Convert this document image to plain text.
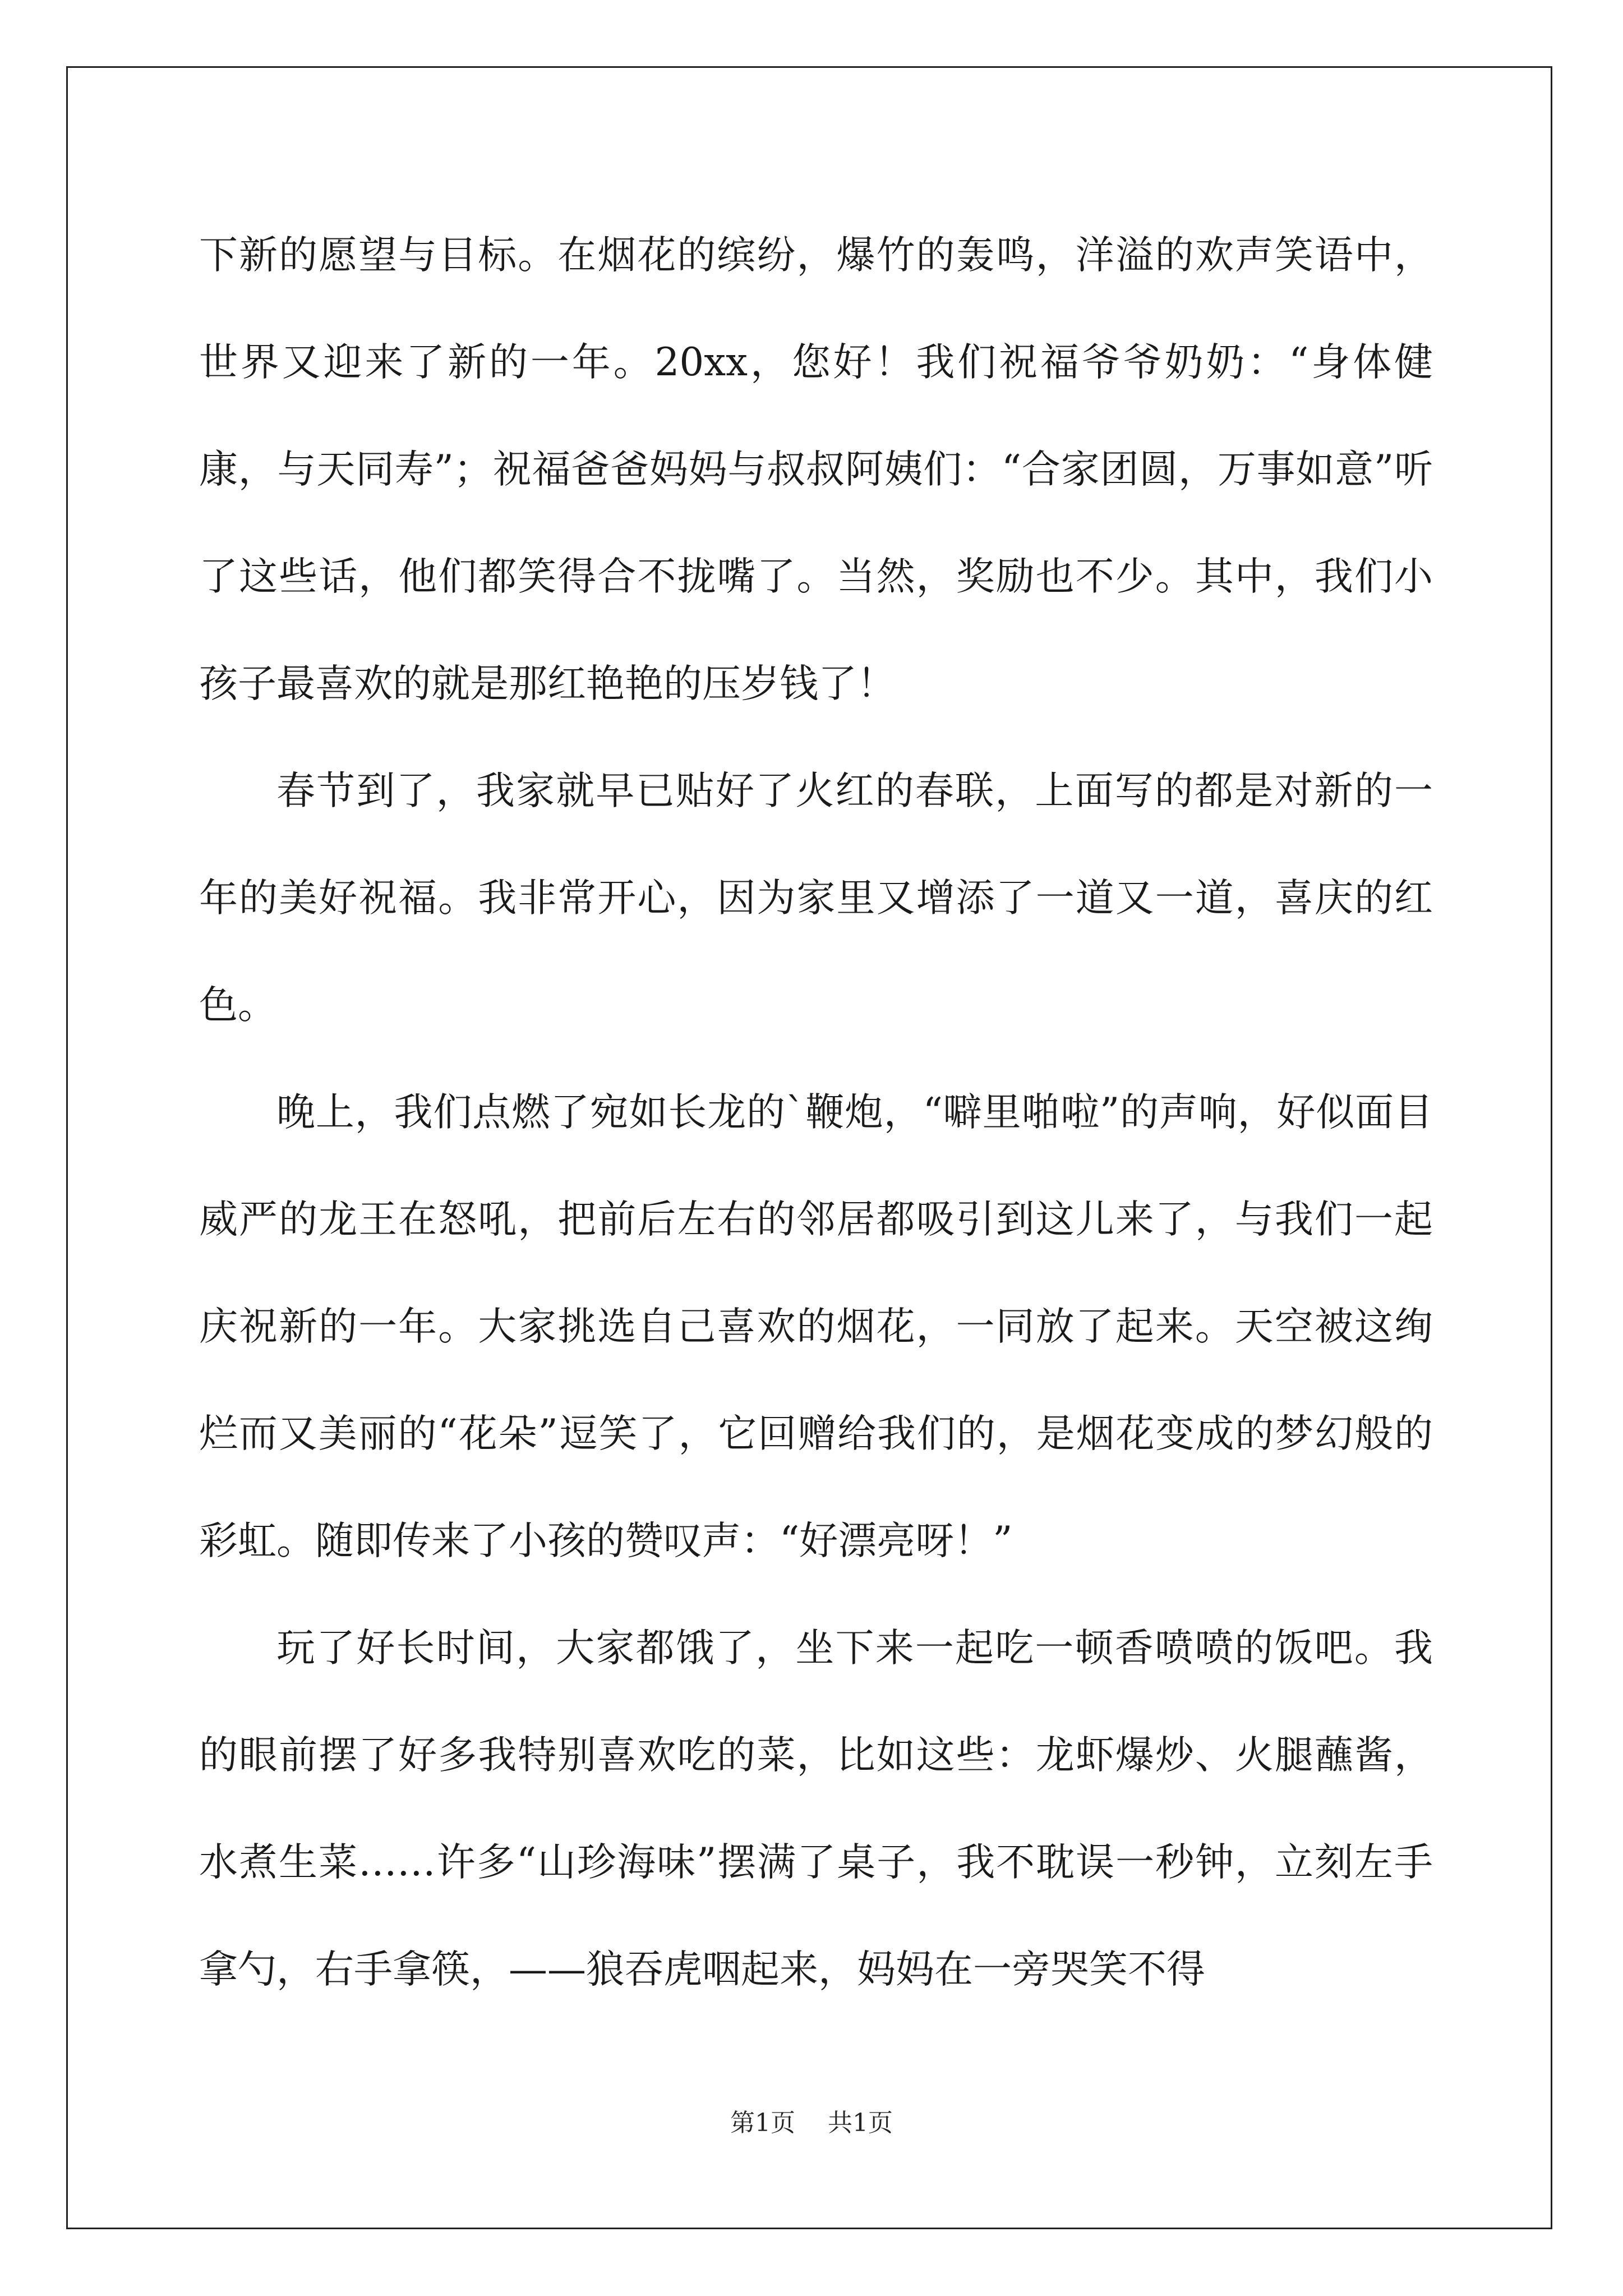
下新的愿望与目标。在烟花的缤纷，爆竹的轰鸣，洋溢的欢声笑语中，世界又迎来了新的一年。20xx，您好！我们祝福爷爷奶奶：“身体健康，与天同寿”；祝福爸爸妈妈与叔叔阿姨们：“合家团圆，万事如意”听了这些话，他们都笑得合不拢嘴了。当然，奖励也不少。其中，我们小孩子最喜欢的就是那红艳艳的压岁钱了！

春节到了，我家就早已贴好了火红的春联，上面写的都是对新的一年的美好祝福。我非常开心，因为家里又增添了一道又一道，喜庆的红色。

晚上，我们点燃了宛如长龙的`鞭炮，“噼里啪啦”的声响，好似面目威严的龙王在怒吼，把前后左右的邻居都吸引到这儿来了，与我们一起庆祝新的一年。大家挑选自己喜欢的烟花，一同放了起来。天空被这绚烂而又美丽的“花朵”逗笑了，它回赠给我们的，是烟花变成的梦幻般的彩虹。随即传来了小孩的赞叹声：“好漂亮呀！”

玩了好长时间，大家都饿了，坐下来一起吃一顿香喷喷的饭吧。我的眼前摆了好多我特别喜欢吃的菜，比如这些：龙虾爆炒、火腿蘸酱，水煮生菜……许多“山珍海味”摆满了桌子，我不耽误一秒钟，立刻左手拿勺，右手拿筷，——狼吞虎咽起来，妈妈在一旁哭笑不得

第1页 共1页
